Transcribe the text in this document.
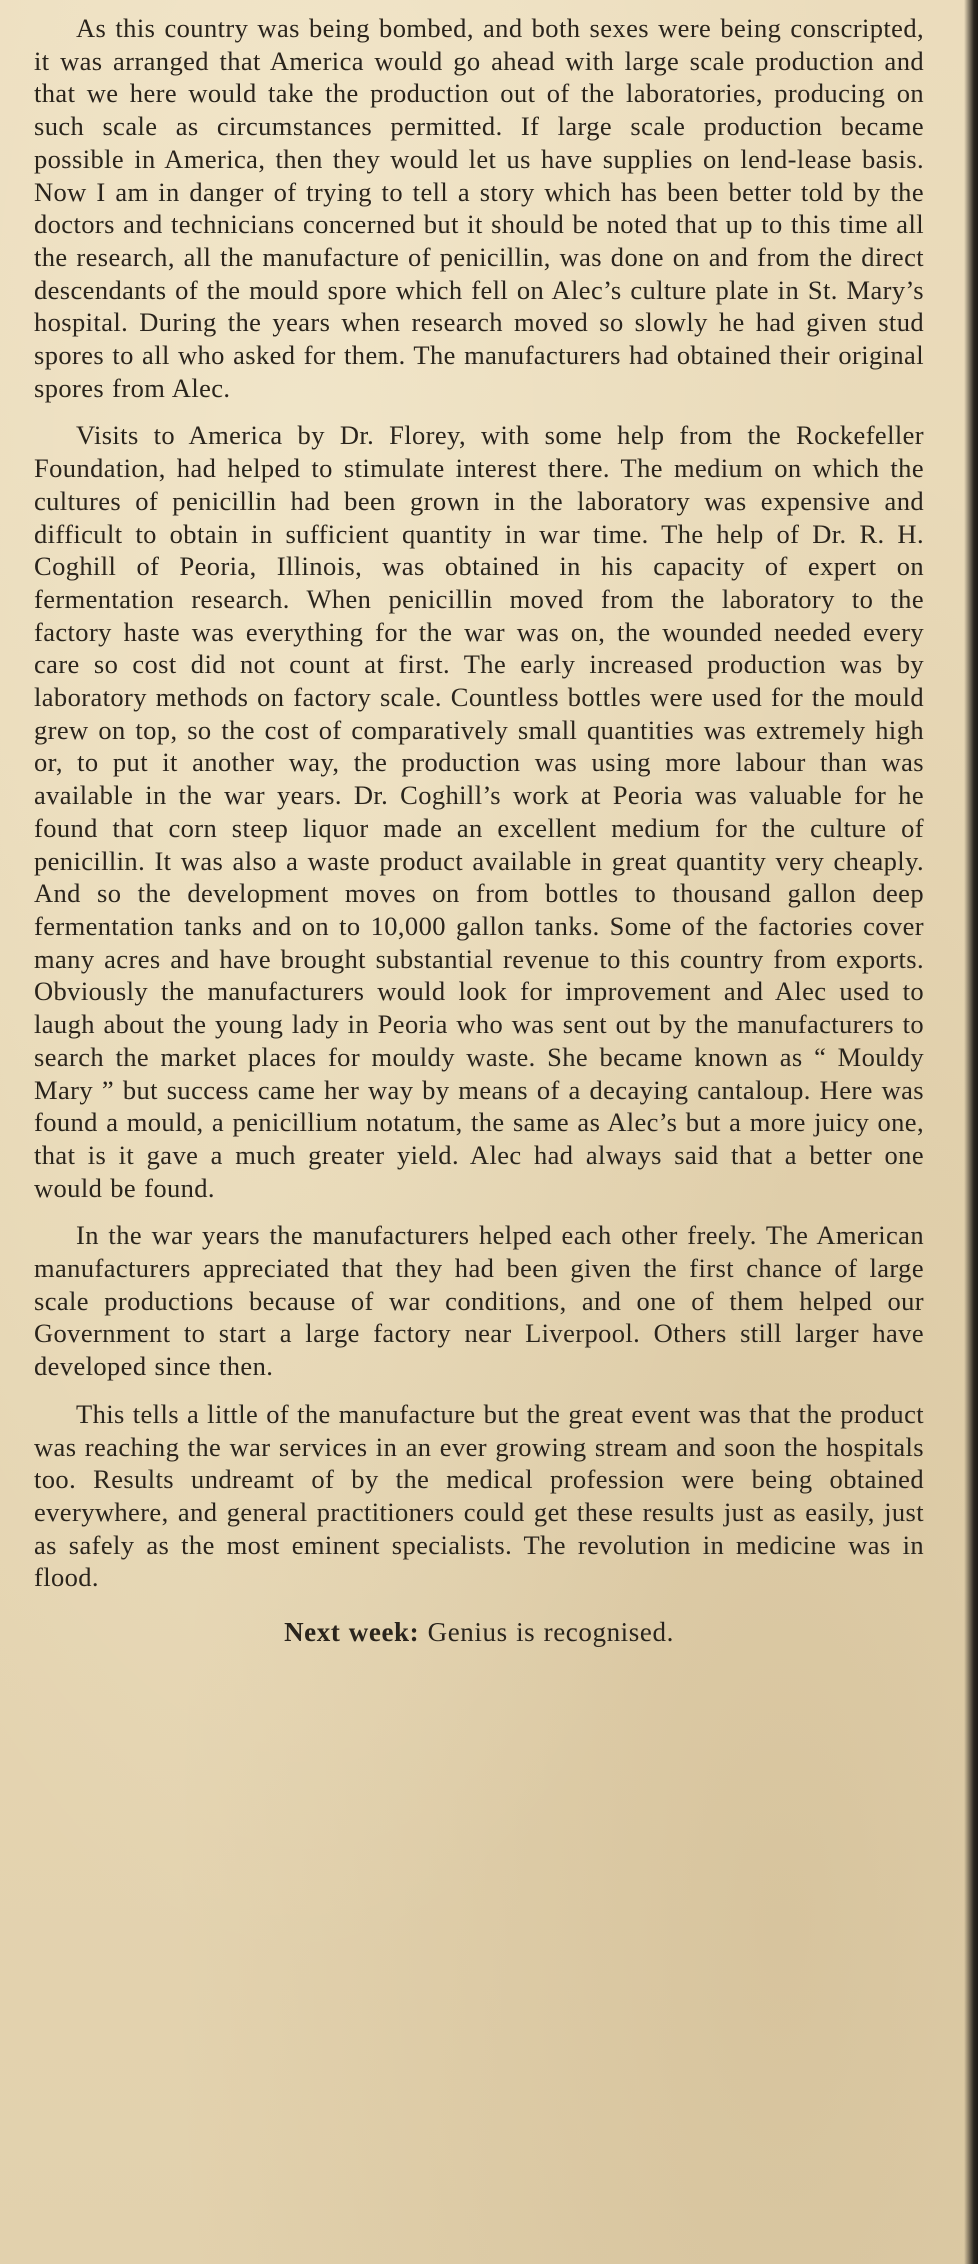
As this country was being bombed, and both sexes were being conscripted, it was arranged that America would go ahead with large scale production and that we here would take the production out of the laboratories, producing on such scale as circumstances permitted. If large scale production became possible in America, then they would let us have supplies on lend-lease basis. Now I am in danger of trying to tell a story which has been better told by the doctors and technicians concerned but it should be noted that up to this time all the research, all the manufacture of penicillin, was done on and from the direct descendants of the mould spore which fell on Alec’s culture plate in St. Mary’s hospital. During the years when research moved so slowly he had given stud spores to all who asked for them. The manufacturers had obtained their original spores from Alec.

Visits to America by Dr. Florey, with some help from the Rockefeller Foundation, had helped to stimulate interest there. The medium on which the cultures of penicillin had been grown in the laboratory was expensive and difficult to obtain in sufficient quantity in war time. The help of Dr. R. H. Coghill of Peoria, Illinois, was obtained in his capacity of expert on fermentation research. When penicillin moved from the laboratory to the factory haste was everything for the war was on, the wounded needed every care so cost did not count at first. The early increased production was by laboratory methods on factory scale. Countless bottles were used for the mould grew on top, so the cost of comparatively small quantities was extremely high or, to put it another way, the production was using more labour than was available in the war years. Dr. Coghill’s work at Peoria was valuable for he found that corn steep liquor made an excellent medium for the culture of penicillin. It was also a waste product available in great quantity very cheaply. And so the development moves on from bottles to thousand gallon deep fermentation tanks and on to 10,000 gallon tanks. Some of the factories cover many acres and have brought substantial revenue to this country from exports. Obviously the manufacturers would look for improvement and Alec used to laugh about the young lady in Peoria who was sent out by the manufacturers to search the market places for mouldy waste. She became known as “ Mouldy Mary ” but success came her way by means of a decaying cantaloup. Here was found a mould, a penicillium notatum, the same as Alec’s but a more juicy one, that is it gave a much greater yield. Alec had always said that a better one would be found.

In the war years the manufacturers helped each other freely. The American manufacturers appreciated that they had been given the first chance of large scale productions because of war conditions, and one of them helped our Government to start a large factory near Liverpool. Others still larger have developed since then.

This tells a little of the manufacture but the great event was that the product was reaching the war services in an ever growing stream and soon the hospitals too. Results undreamt of by the medical profession were being obtained everywhere, and general practitioners could get these results just as easily, just as safely as the most eminent specialists. The revolution in medicine was in flood.

Next week: Genius is recognised.
